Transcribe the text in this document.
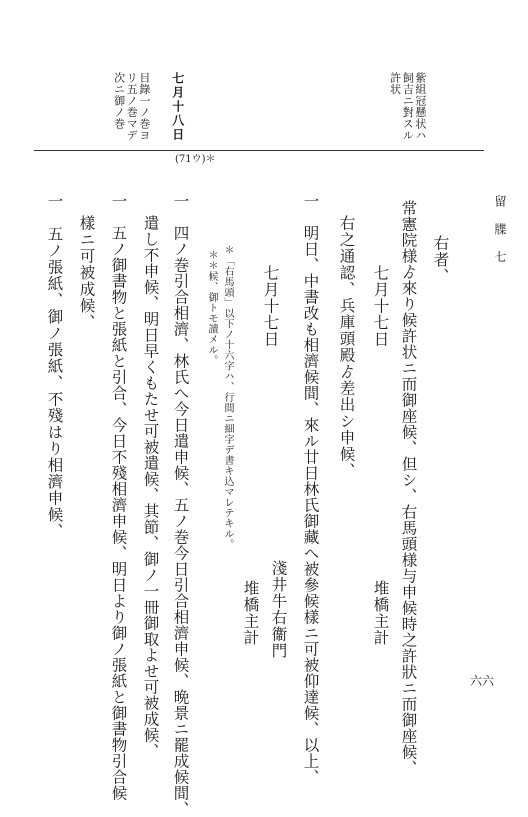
留 牒 七
六六
紫組冠懸状ハ
飼吉ニ對スル
許状
七月十八日
目錄一ノ巻ヨ
リ五ノ巻マデ
次ニ御ノ巻
(71ウ)＊
右者、
常憲院様ゟ來り候許状ニ而御座候、但シ、右馬頭様与申候時之許狀ニ而御座候、
七月十七日
堆橋主計
右之通認、兵庫頭殿ゟ差出シ申候、
一　明日、中書改も相濟候間、來ル廿日林氏御藏へ被參候樣ニ可被仰達候、以上、
七月十七日
淺井牛右衞門
堆橋主計
＊「右馬頭」以下ノ十六字ハ、行間ニ細字デ書キ込マレテキル。
＊＊候、御トモ讀メル。
一　四ノ巻引合相濟、林氏へ今日遣申候、五ノ巻今日引合相濟申候、晩景ニ罷成候間、
遣し不申候、明日早くもたせ可被遣候、其節、御ノ一冊御取よせ可被成候、
一　五ノ御書物と張紙と引合、今日不殘相濟申候、明日より御ノ張紙と御書物引合候
樣ニ可被成候、
一　五ノ張紙、御ノ張紙、不殘はり相濟申候、
